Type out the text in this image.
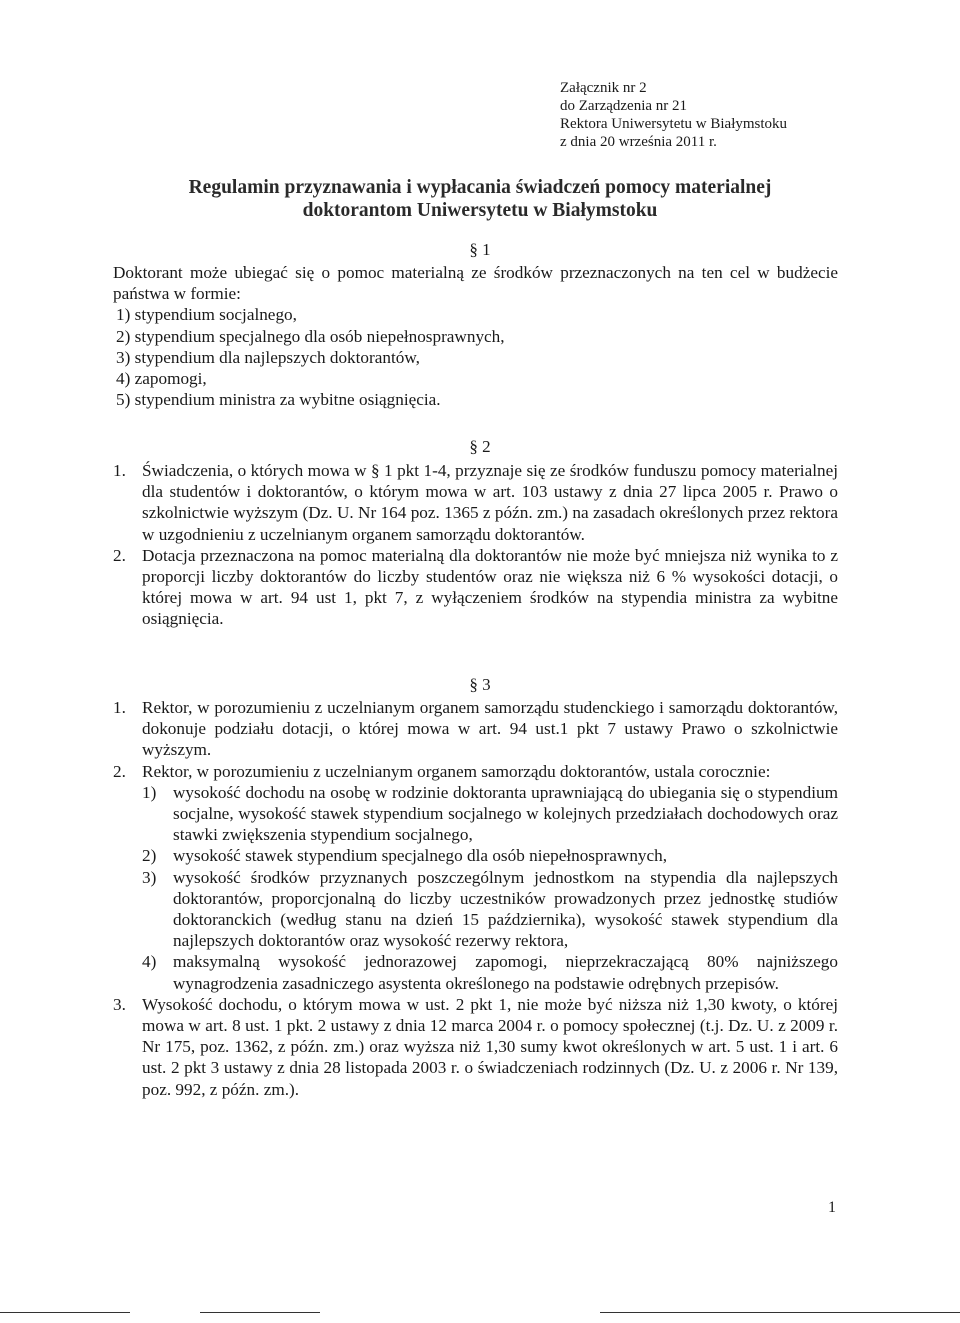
Załącznik nr 2
do Zarządzenia nr 21
Rektora Uniwersytetu w Białymstoku
z dnia 20 września 2011 r.
Regulamin przyznawania i wypłacania świadczeń pomocy materialnej
doktorantom Uniwersytetu w Białymstoku
§ 1
Doktorant może ubiegać się o pomoc materialną ze środków przeznaczonych na ten cel w budżecie państwa w formie:
1) stypendium socjalnego,
2) stypendium specjalnego dla osób niepełnosprawnych,
3) stypendium dla najlepszych doktorantów,
4) zapomogi,
5) stypendium ministra za wybitne osiągnięcia.
§ 2
1. Świadczenia, o których mowa w § 1 pkt 1-4, przyznaje się ze środków funduszu pomocy materialnej dla studentów i doktorantów, o którym mowa w art. 103 ustawy z dnia 27 lipca 2005 r. Prawo o szkolnictwie wyższym (Dz. U. Nr 164 poz. 1365 z późn. zm.) na zasadach określonych przez rektora w uzgodnieniu z uczelnianym organem samorządu doktorantów.
2. Dotacja przeznaczona na pomoc materialną dla doktorantów nie może być mniejsza niż wynika to z proporcji liczby doktorantów do liczby studentów oraz nie większa niż 6 % wysokości dotacji, o której mowa w art. 94 ust 1, pkt 7, z wyłączeniem środków na stypendia ministra za wybitne osiągnięcia.
§ 3
1. Rektor, w porozumieniu z uczelnianym organem samorządu studenckiego i samorządu doktorantów, dokonuje podziału dotacji, o której mowa w art. 94 ust.1 pkt 7 ustawy Prawo o szkolnictwie wyższym.
2. Rektor, w porozumieniu z uczelnianym organem samorządu doktorantów, ustala corocznie:
1) wysokość dochodu na osobę w rodzinie doktoranta uprawniającą do ubiegania się o stypendium socjalne, wysokość stawek stypendium socjalnego w kolejnych przedziałach dochodowych oraz stawki zwiększenia stypendium socjalnego,
2) wysokość stawek stypendium specjalnego dla osób niepełnosprawnych,
3) wysokość środków przyznanych poszczególnym jednostkom na stypendia dla najlepszych doktorantów, proporcjonalną do liczby uczestników prowadzonych przez jednostkę studiów doktoranckich (według stanu na dzień 15 października), wysokość stawek stypendium dla najlepszych doktorantów oraz wysokość rezerwy rektora,
4) maksymalną wysokość jednorazowej zapomogi, nieprzekraczającą 80% najniższego wynagrodzenia zasadniczego asystenta określonego na podstawie odrębnych przepisów.
3. Wysokość dochodu, o którym mowa w ust. 2 pkt 1, nie może być niższa niż 1,30 kwoty, o której mowa w art. 8 ust. 1 pkt. 2 ustawy z dnia 12 marca 2004 r. o pomocy społecznej (t.j. Dz. U. z 2009 r. Nr 175, poz. 1362, z późn. zm.) oraz wyższa niż 1,30 sumy kwot określonych w art. 5 ust. 1 i art. 6 ust. 2 pkt 3 ustawy z dnia 28 listopada 2003 r. o świadczeniach rodzinnych (Dz. U. z 2006 r. Nr 139, poz. 992, z późn. zm.).
1
